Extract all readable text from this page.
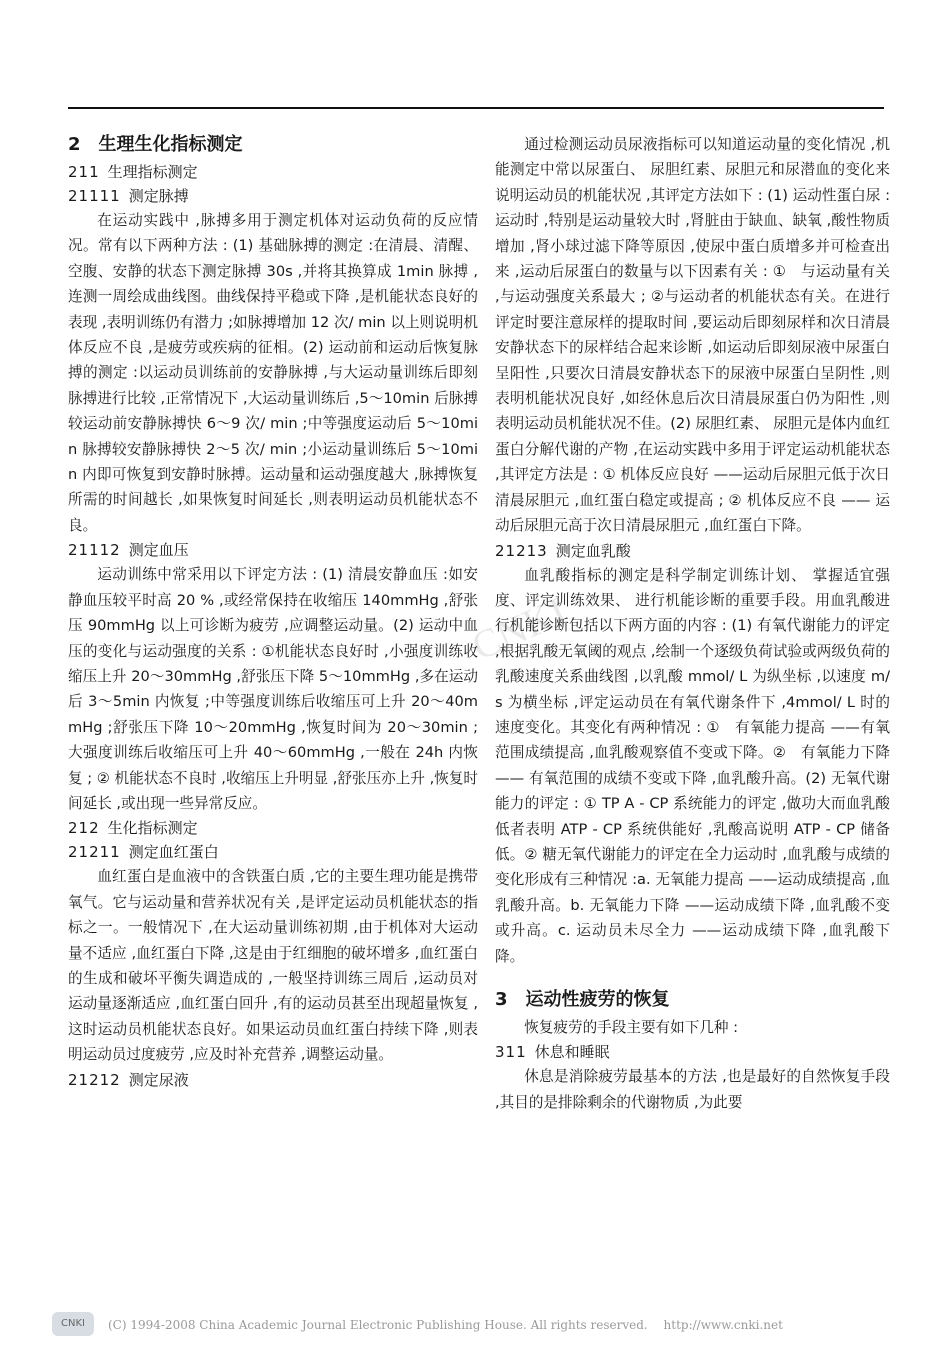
CNKI
2　生理生化指标测定
211 生理指标测定
21111 测定脉搏

在运动实践中 ,脉搏多用于测定机体对运动负荷的反应情况。常有以下两种方法 : (1) 基础脉搏的测定 :在清晨、清醒、空腹、安静的状态下测定脉搏 30s ,并将其换算成 1min 脉搏 ,连测一周绘成曲线图。曲线保持平稳或下降 ,是机能状态良好的表现 ,表明训练仍有潜力 ;如脉搏增加 12 次/ min 以上则说明机体反应不良 ,是疲劳或疾病的征相。(2) 运动前和运动后恢复脉搏的测定 :以运动员训练前的安静脉搏 ,与大运动量训练后即刻脉搏进行比较 ,正常情况下 ,大运动量训练后 ,5～10min 后脉搏较运动前安静脉搏快 6～9 次/ min ;中等强度运动后 5～10min 脉搏较安静脉搏快 2～5 次/ min ;小运动量训练后 5～10min 内即可恢复到安静时脉搏。运动量和运动强度越大 ,脉搏恢复所需的时间越长 ,如果恢复时间延长 ,则表明运动员机能状态不良。

21112 测定血压

运动训练中常采用以下评定方法 : (1) 清晨安静血压 :如安静血压较平时高 20 % ,或经常保持在收缩压 140mmHg ,舒张压 90mmHg 以上可诊断为疲劳 ,应调整运动量。(2) 运动中血压的变化与运动强度的关系 : ①机能状态良好时 ,小强度训练收缩压上升 20～30mmHg ,舒张压下降 5～10mmHg ,多在运动后 3～5min 内恢复 ;中等强度训练后收缩压可上升 20～40mmHg ;舒张压下降 10～20mmHg ,恢复时间为 20～30min ;大强度训练后收缩压可上升 40～60mmHg ,一般在 24h 内恢复 ; ② 机能状态不良时 ,收缩压上升明显 ,舒张压亦上升 ,恢复时间延长 ,或出现一些异常反应。

212 生化指标测定
21211 测定血红蛋白

血红蛋白是血液中的含铁蛋白质 ,它的主要生理功能是携带氧气。它与运动量和营养状况有关 ,是评定运动员机能状态的指标之一。一般情况下 ,在大运动量训练初期 ,由于机体对大运动量不适应 ,血红蛋白下降 ,这是由于红细胞的破坏增多 ,血红蛋白的生成和破坏平衡失调造成的 ,一般坚持训练三周后 ,运动员对运动量逐渐适应 ,血红蛋白回升 ,有的运动员甚至出现超量恢复 ,这时运动员机能状态良好。如果运动员血红蛋白持续下降 ,则表明运动员过度疲劳 ,应及时补充营养 ,调整运动量。

21212 测定尿液

通过检测运动员尿液指标可以知道运动量的变化情况 ,机能测定中常以尿蛋白、 尿胆红素、尿胆元和尿潜血的变化来说明运动员的机能状况 ,其评定方法如下 : (1) 运动性蛋白尿 :运动时 ,特别是运动量较大时 ,肾脏由于缺血、缺氧 ,酸性物质增加 ,肾小球过滤下降等原因 ,使尿中蛋白质增多并可检查出来 ,运动后尿蛋白的数量与以下因素有关 : ①　与运动量有关 ,与运动强度关系最大 ; ②与运动者的机能状态有关。在进行评定时要注意尿样的提取时间 ,要运动后即刻尿样和次日清晨安静状态下的尿样结合起来诊断 ,如运动后即刻尿液中尿蛋白呈阳性 ,只要次日清晨安静状态下的尿液中尿蛋白呈阴性 ,则表明机能状况良好 ,如经休息后次日清晨尿蛋白仍为阳性 ,则表明运动员机能状况不佳。(2) 尿胆红素、 尿胆元是体内血红蛋白分解代谢的产物 ,在运动实践中多用于评定运动机能状态 ,其评定方法是 : ① 机体反应良好 ——运动后尿胆元低于次日清晨尿胆元 ,血红蛋白稳定或提高 ; ② 机体反应不良 —— 运动后尿胆元高于次日清晨尿胆元 ,血红蛋白下降。

21213 测定血乳酸

血乳酸指标的测定是科学制定训练计划、 掌握适宜强度、评定训练效果、 进行机能诊断的重要手段。用血乳酸进行机能诊断包括以下两方面的内容 : (1) 有氧代谢能力的评定 ,根据乳酸无氧阈的观点 ,绘制一个逐级负荷试验或两级负荷的乳酸速度关系曲线图 ,以乳酸 mmol/ L 为纵坐标 ,以速度 m/ s 为横坐标 ,评定运动员在有氧代谢条件下 ,4mmol/ L 时的速度变化。其变化有两种情况 : ①　有氧能力提高 ——有氧范围成绩提高 ,血乳酸观察值不变或下降。②　有氧能力下降 —— 有氧范围的成绩不变或下降 ,血乳酸升高。(2) 无氧代谢能力的评定 : ① TP A - CP 系统能力的评定 ,做功大而血乳酸低者表明 ATP - CP 系统供能好 ,乳酸高说明 ATP - CP 储备低。② 糖无氧代谢能力的评定在全力运动时 ,血乳酸与成绩的变化形成有三种情况 :a. 无氧能力提高 ——运动成绩提高 ,血乳酸升高。b. 无氧能力下降 ——运动成绩下降 ,血乳酸不变或升高。c. 运动员未尽全力 ——运动成绩下降 ,血乳酸下降。

3　运动性疲劳的恢复

恢复疲劳的手段主要有如下几种 :

311 休息和睡眠

休息是消除疲劳最基本的方法 ,也是最好的自然恢复手段 ,其目的是排除剩余的代谢物质 ,为此要

CNKI	(C) 1994-2008 China Academic Journal Electronic Publishing House. All rights reserved.　 http://www.cnki.net
